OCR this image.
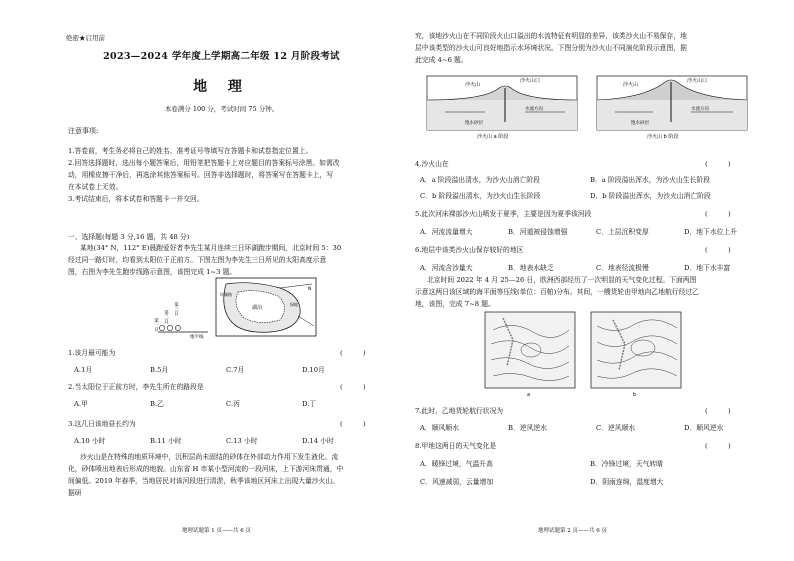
绝密★启用前
2023—2024 学年度上学期高二年级 12 月阶段考试
地 理
本卷满分 100 分，考试时间 75 分钟。
注意事项:
1.答卷前，考生务必将自己的姓名、准考证号等填写在答题卡和试卷指定位置上。
2.回答选择题时，选出每小题答案后，用铅笔把答题卡上对应题目的答案标号涂黑。如需改
动，用橡皮擦干净后，再选涂其他答案标号。回答非选择题时，将答案写在答题卡上，写
在本试卷上无效。
3.考试结束后，将本试卷和答题卡一并交回。
一、选择题(每题 3 分,16 题，共 48 分)
某地(34° N，112° E)晨跑爱好者李先生某月连续三日环湖跑步期间，北京时间 5：30
经过同一路灯时，均看到太阳位于正前方。下图左图为李先生三日所见的太阳高度示意
图，右图为李先生跑步线路示意图，该图完成 1~3 题。
第一日
第二日
第三日
地平线
湖泊
环湖路
绿地
N
1.该月最可能为	(　　　)
A.1月	B.5月	C.7月	D.10月
2.当太阳位于正前方时，李先生所在的路段是	(　　　)
A.甲	B.乙	C.丙	D.丁
3.这几日该地昼长约为	(　　　)
A.10 小时	B.11 小时	C.13 小时	D.14 小时
沙火山是在特殊的地质环境中，沉积层尚未固结的砂体在外部动力作用下发生液化、流
化，砂体喷出地表后形成的地貌。山东省 H 市某小型河流的一段河床，上下游河床贯通，中
间偏低。2019 年春季，当地居民对该河段进行清淤，秋季该地区河床上出现大量沙火山。
据研
地理试题第 1 页——共 6 页
究，该地沙火山在不同阶段火山口溢出的水流特征有明显的差异，该类沙火山不易保存，地
层中该类型的沙火山可良好地指示水环境状况。下图分别为沙火山不同演化阶段示意图，据
此完成 4~6 题。
沙火山
沙火山口
水流方向
饱水砂层
沙火山 a 阶段
沙火山
沙火山口
水流方向
饱水砂层
沙火山 b 阶段
4.沙火山在	(　　　)
A．a 阶段溢出清水，为沙火山消亡阶段	B．a 阶段溢出浑水，为沙火山生长阶段
C．b 阶段溢出清水，为沙火山生长阶段	D．b 阶段溢出浑水，为沙火山消亡阶段
5.此次河床裸部沙火山喷发于夏季，主要是因为夏季该河段	(　　　)
A．河流流量增大	B．河道被侵蚀增强	C．上层沉积变厚	D．地下水位上升
6.地层中该类沙火山保存较好的地区	(　　　)
A．河流含沙量大	B．地表水缺乏	C．地表径流极慢	D．地下水丰富
北京时间 2022 年 4 月 25—26 日，欧洲西部经历了一次明显的天气变化过程。下面两图
示意这两日该区域的海平面等压线(单位：百帕)分布。其间，一艘货轮由甲地向乙地航行经过乙
地，该图，完成 7~8 题。
a	b
7.此时，乙地货轮航行状况为	(　　　)
A．顺风顺水	B．逆风逆水	C．逆风顺水	D．顺风逆水
8.甲地这两日的天气变化是	(　　　)
A．暖锋过境，气温升高	B．冷锋过境，天气转晴
C．风速减弱，云量增加	D．阴雨连绵，湿度增大
地理试题第 2 页——共 6 页
